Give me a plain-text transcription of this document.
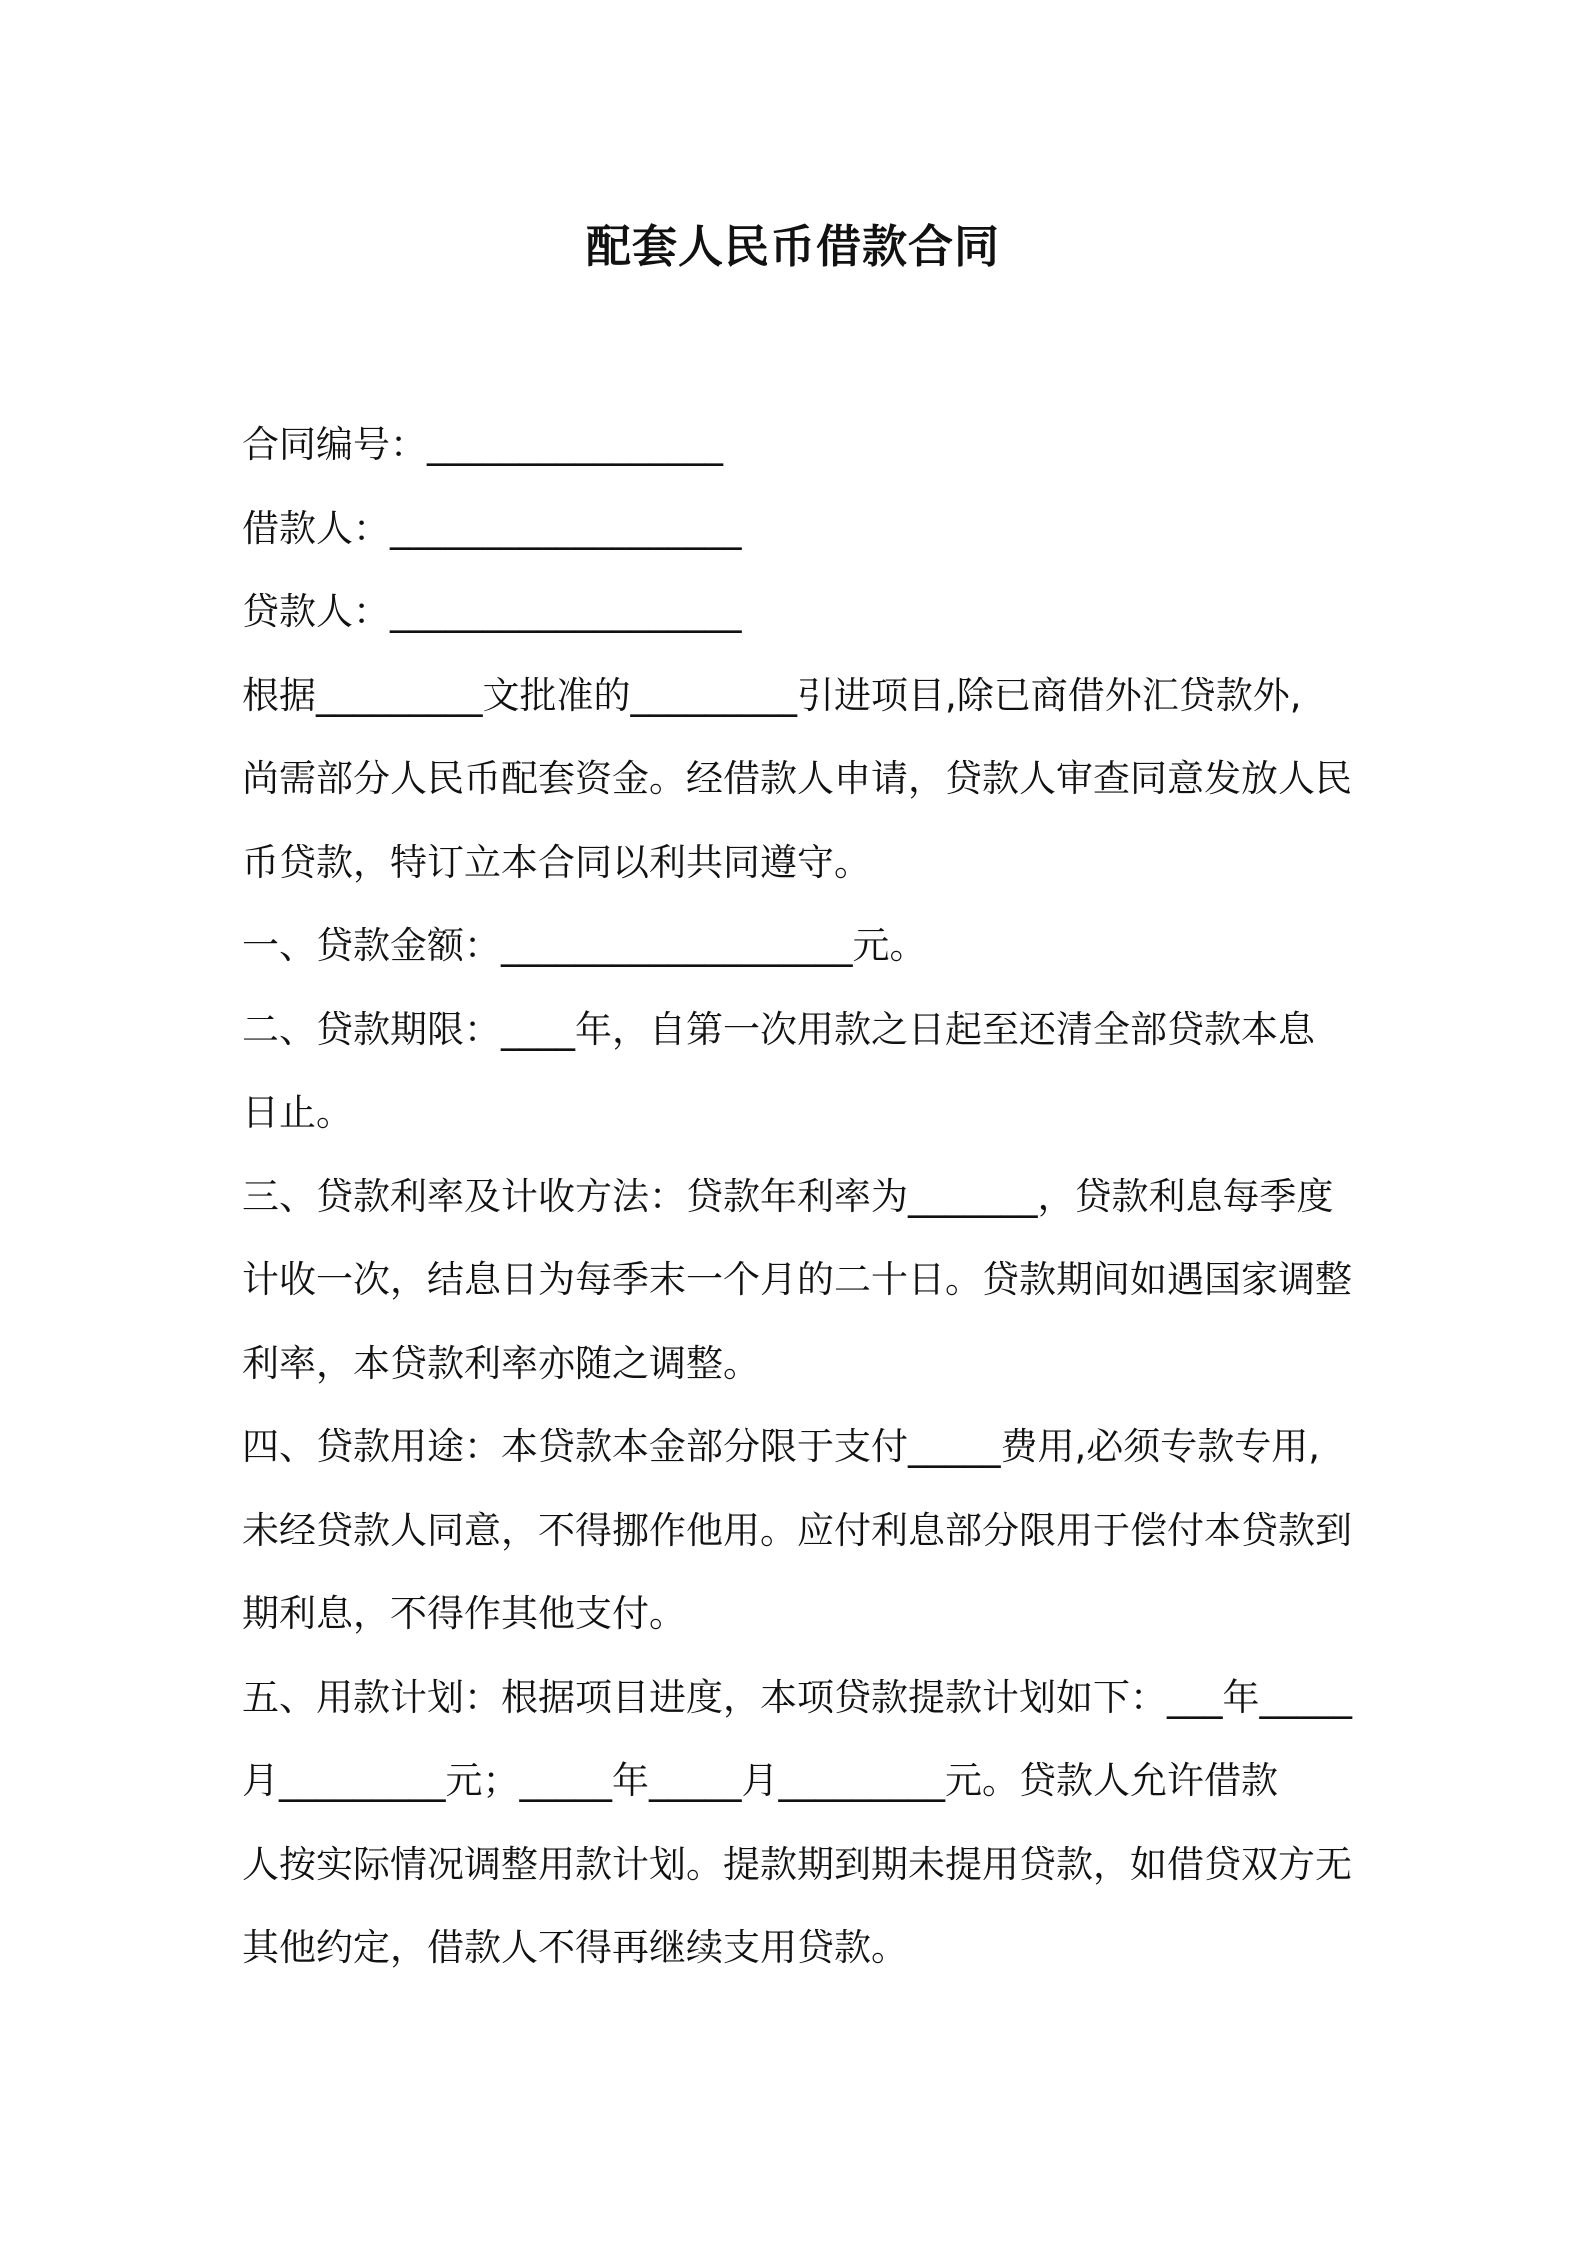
配套人民币借款合同
合同编号：________________
借款人：___________________
贷款人：___________________
根据_________文批准的_________引进项目,除已商借外汇贷款外,
尚需部分人民币配套资金。经借款人申请，贷款人审查同意发放人民
币贷款，特订立本合同以利共同遵守。
一、贷款金额：___________________元。
二、贷款期限：____年，自第一次用款之日起至还清全部贷款本息
日止。
三、贷款利率及计收方法：贷款年利率为_______，贷款利息每季度
计收一次，结息日为每季末一个月的二十日。贷款期间如遇国家调整
利率，本贷款利率亦随之调整。
四、贷款用途：本贷款本金部分限于支付_____费用,必须专款专用,
未经贷款人同意，不得挪作他用。应付利息部分限用于偿付本贷款到
期利息，不得作其他支付。
五、用款计划：根据项目进度，本项贷款提款计划如下：___年_____
月_________元；_____年_____月_________元。贷款人允许借款
人按实际情况调整用款计划。提款期到期未提用贷款，如借贷双方无
其他约定，借款人不得再继续支用贷款。
